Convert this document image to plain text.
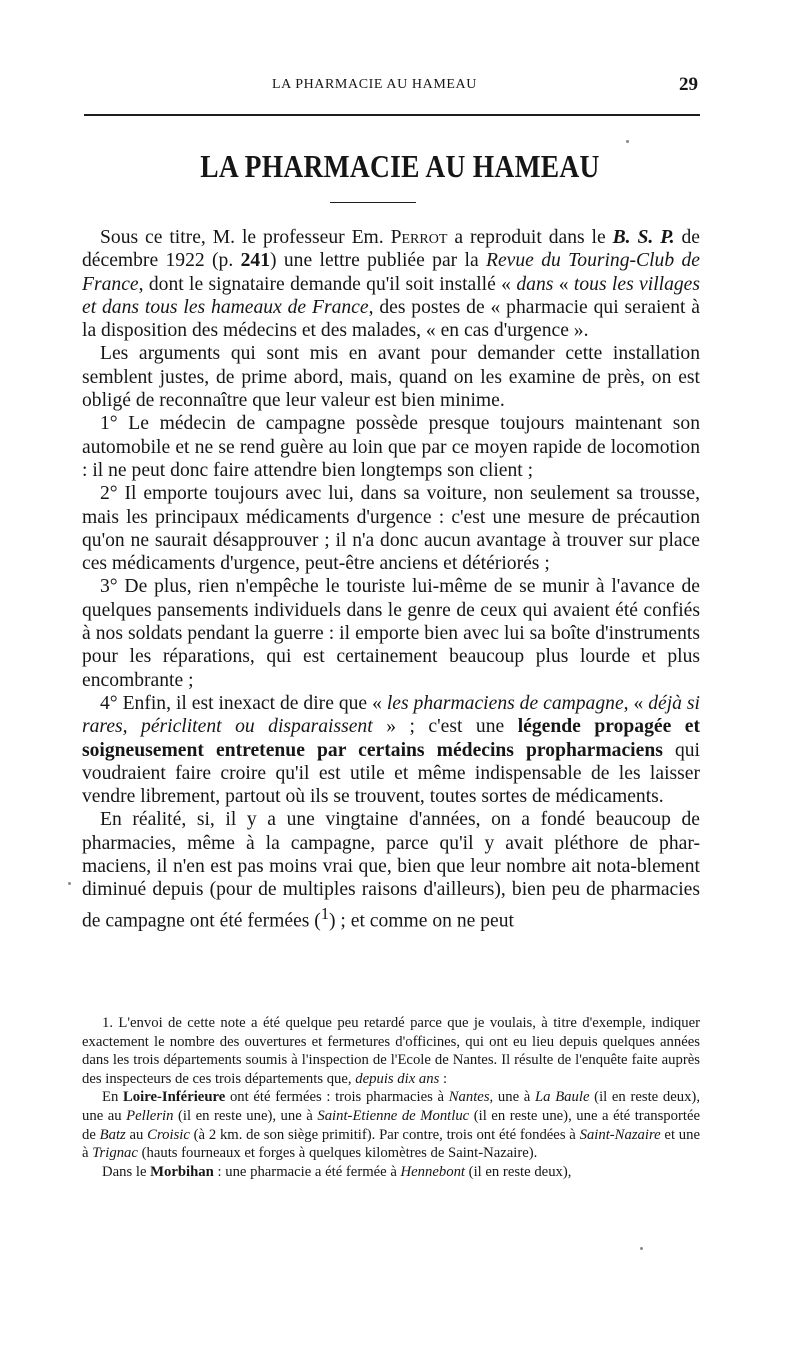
LA PHARMACIE AU HAMEAU	29
LA PHARMACIE AU HAMEAU

Sous ce titre, M. le professeur Em. Perrot a reproduit dans le B. S. P. de décembre 1922 (p. 241) une lettre publiée par la Revue du Touring-Club de France, dont le signataire demande qu'il soit installé « dans « tous les villages et dans tous les hameaux de France, des postes de « pharmacie qui seraient à la disposition des médecins et des malades, « en cas d'urgence ».

Les arguments qui sont mis en avant pour demander cette installation semblent justes, de prime abord, mais, quand on les examine de près, on est obligé de reconnaître que leur valeur est bien minime.

1° Le médecin de campagne possède presque toujours maintenant son automobile et ne se rend guère au loin que par ce moyen rapide de locomotion : il ne peut donc faire attendre bien longtemps son client ;

2° Il emporte toujours avec lui, dans sa voiture, non seulement sa trousse, mais les principaux médicaments d'urgence : c'est une mesure de précaution qu'on ne saurait désapprouver ; il n'a donc aucun avantage à trouver sur place ces médicaments d'urgence, peut-être anciens et détériorés ;

3° De plus, rien n'empêche le touriste lui-même de se munir à l'avance de quelques pansements individuels dans le genre de ceux qui avaient été confiés à nos soldats pendant la guerre : il emporte bien avec lui sa boîte d'instruments pour les réparations, qui est certainement beaucoup plus lourde et plus encombrante ;

4° Enfin, il est inexact de dire que « les pharmaciens de campagne, « déjà si rares, périclitent ou disparaissent » ; c'est une légende propagée et soigneusement entretenue par certains médecins propharmaciens qui voudraient faire croire qu'il est utile et même indispensable de les laisser vendre librement, partout où ils se trouvent, toutes sortes de médicaments.

En réalité, si, il y a une vingtaine d'années, on a fondé beaucoup de pharmacies, même à la campagne, parce qu'il y avait pléthore de phar-maciens, il n'en est pas moins vrai que, bien que leur nombre ait nota-blement diminué depuis (pour de multiples raisons d'ailleurs), bien peu de pharmacies de campagne ont été fermées ($^1$) ; et comme on ne peut

1. L'envoi de cette note a été quelque peu retardé parce que je voulais, à titre d'exemple, indiquer exactement le nombre des ouvertures et fermetures d'officines, qui ont eu lieu depuis quelques années dans les trois départements soumis à l'inspection de l'Ecole de Nantes. Il résulte de l'enquête faite auprès des inspecteurs de ces trois départements que, depuis dix ans :

En Loire-Inférieure ont été fermées : trois pharmacies à Nantes, une à La Baule (il en reste deux), une au Pellerin (il en reste une), une à Saint-Etienne de Montluc (il en reste une), une a été transportée de Batz au Croisic (à 2 km. de son siège primitif). Par contre, trois ont été fondées à Saint-Nazaire et une à Trignac (hauts fourneaux et forges à quelques kilomètres de Saint-Nazaire).

Dans le Morbihan : une pharmacie a été fermée à Hennebont (il en reste deux),
